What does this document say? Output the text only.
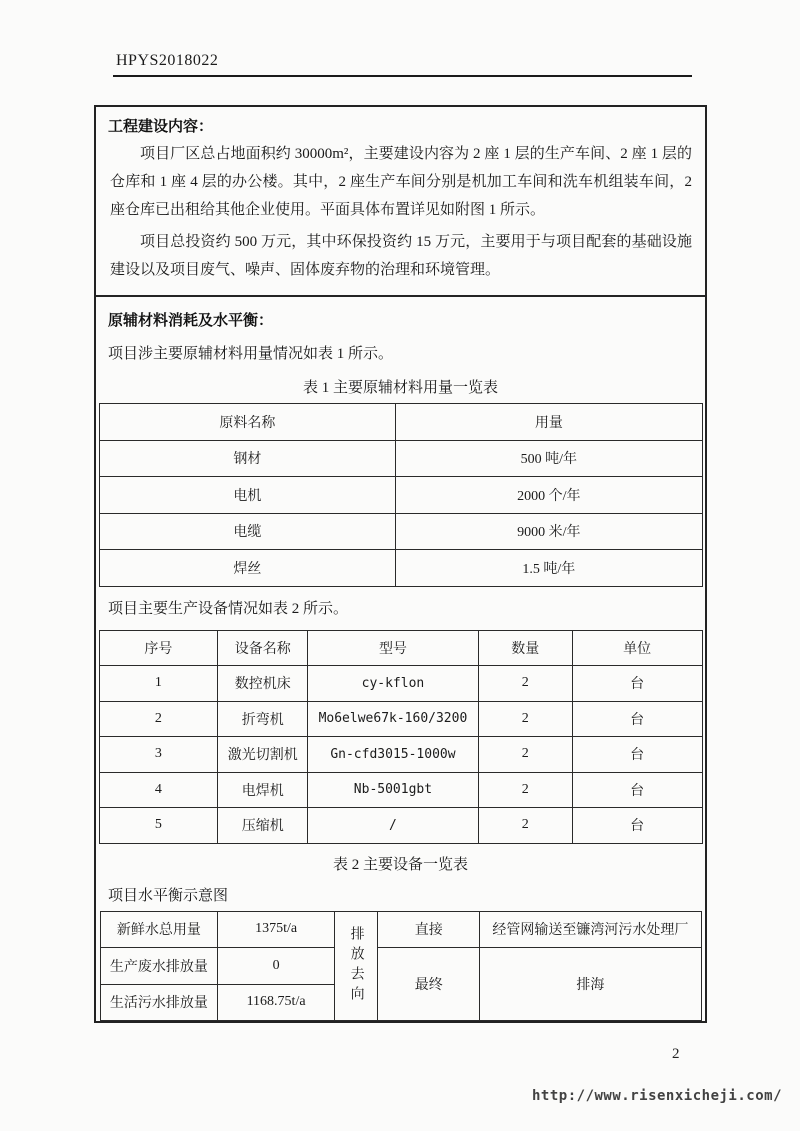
HPYS2018022
工程建设内容：

项目厂区总占地面积约 30000m²，主要建设内容为 2 座 1 层的生产车间、2 座 1 层的仓库和 1 座 4 层的办公楼。其中，2 座生产车间分别是机加工车间和洗车机组装车间，2 座仓库已出租给其他企业使用。平面具体布置详见如附图 1 所示。

项目总投资约 500 万元，其中环保投资约 15 万元，主要用于与项目配套的基础设施建设以及项目废气、噪声、固体废弃物的治理和环境管理。

原辅材料消耗及水平衡：
项目涉主要原辅材料用量情况如表 1 所示。
表 1 主要原辅材料用量一览表
原料名称	用量
钢材	500 吨/年
电机	2000 个/年
电缆	9000 米/年
焊丝	1.5 吨/年
项目主要生产设备情况如表 2 所示。
序号	设备名称	型号	数量	单位
1	数控机床	cy-kflon	2	台
2	折弯机	Mo6elwe67k-160/3200	2	台
3	激光切割机	Gn-cfd3015-1000w	2	台
4	电焊机	Nb-5001gbt	2	台
5	压缩机	/	2	台
表 2 主要设备一览表
项目水平衡示意图
新鲜水总用量	1375t/a	排放去向	直接	经管网输送至镰湾河污水处理厂
生产废水排放量	0		最终	排海
生活污水排放量	1168.75t/a			
2
http://www.risenxicheji.com/
